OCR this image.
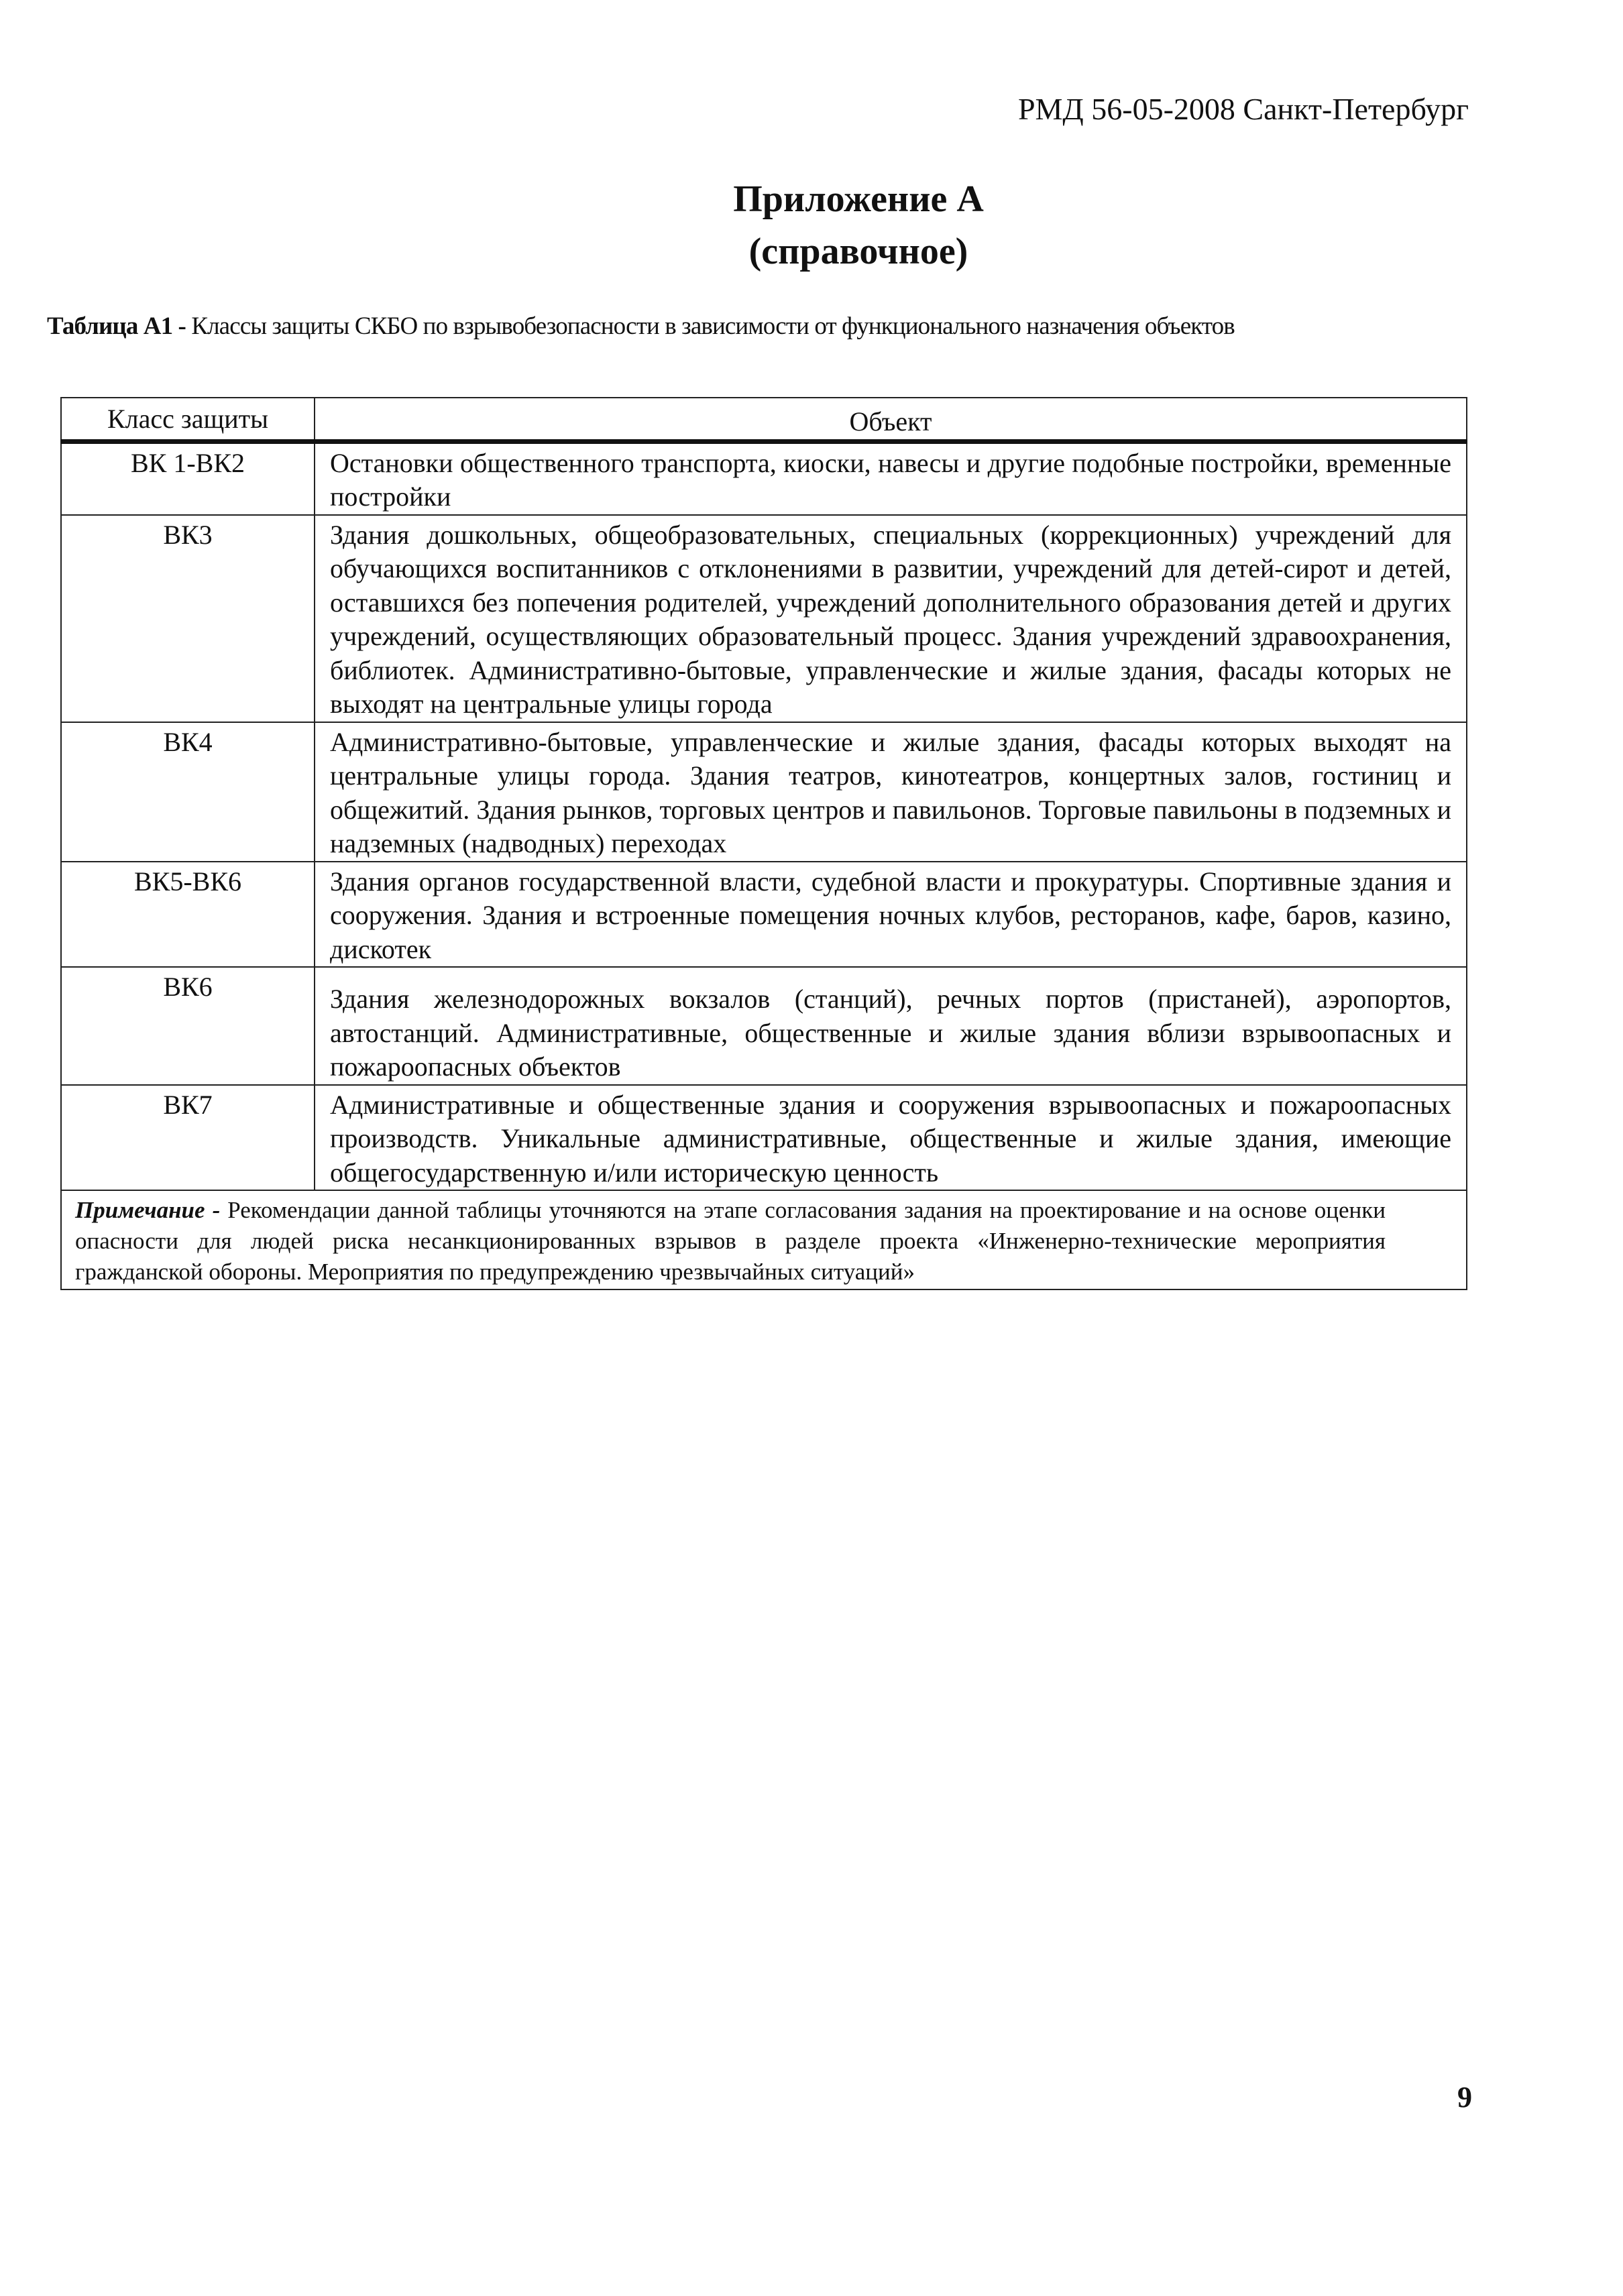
РМД 56-05-2008 Санкт-Петербург
Приложение А
(справочное)
Таблица А1 - Классы защиты СКБО по взрывобезопасности в зависимости от функционального назначения объектов
Класс защиты	Объект
ВК 1-ВК2	Остановки общественного транспорта, киоски, навесы и другие подобные постройки, временные постройки
ВК3	Здания дошкольных, общеобразовательных, специальных (коррекционных) учреждений для обучающихся воспитанников с отклонениями в развитии, учреждений для детей-сирот и детей, оставшихся без попечения родителей, учреждений дополнительного образования детей и других учреждений, осуществляющих образовательный процесс. Здания учреждений здравоохранения, библиотек. Административно-бытовые, управленческие и жилые здания, фасады которых не выходят на центральные улицы города
ВК4	Административно-бытовые, управленческие и жилые здания, фасады которых выходят на центральные улицы города. Здания театров, кинотеатров, концертных залов, гостиниц и общежитий. Здания рынков, торговых центров и павильонов. Торговые павильоны в подземных и надземных (надводных) переходах
ВК5-ВК6	Здания органов государственной власти, судебной власти и прокуратуры. Спортивные здания и сооружения. Здания и встроенные помещения ночных клубов, ресторанов, кафе, баров, казино, дискотек
ВК6	Здания железнодорожных вокзалов (станций), речных портов (пристаней), аэропортов, автостанций. Административные, общественные и жилые здания вблизи взрывоопасных и пожароопасных объектов
ВК7	Административные и общественные здания и сооружения взрывоопасных и пожароопасных производств. Уникальные административные, общественные и жилые здания, имеющие общегосударственную и/или историческую ценность
Примечание - Рекомендации данной таблицы уточняются на этапе согласования задания на проектирование и на основе оценки опасности для людей риска несанкционированных взрывов в разделе проекта «Инженерно-технические мероприятия гражданской обороны. Мероприятия по предупреждению чрезвычайных ситуаций»	
9
